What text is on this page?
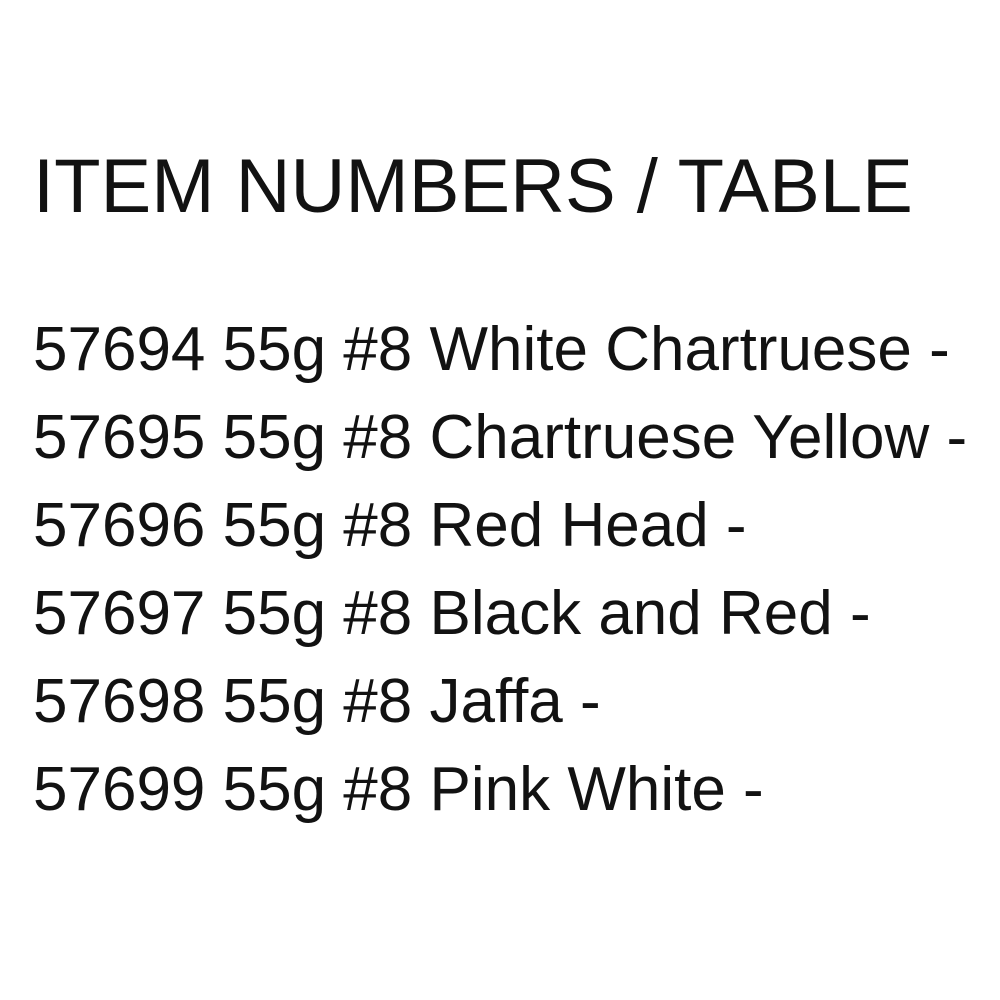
ITEM NUMBERS / TABLE

57694 55g #8 White Chartruese -

57695 55g #8 Chartruese Yellow -

57696 55g #8 Red Head -

57697 55g #8 Black and Red -

57698 55g #8 Jaffa -

57699 55g #8 Pink White -
